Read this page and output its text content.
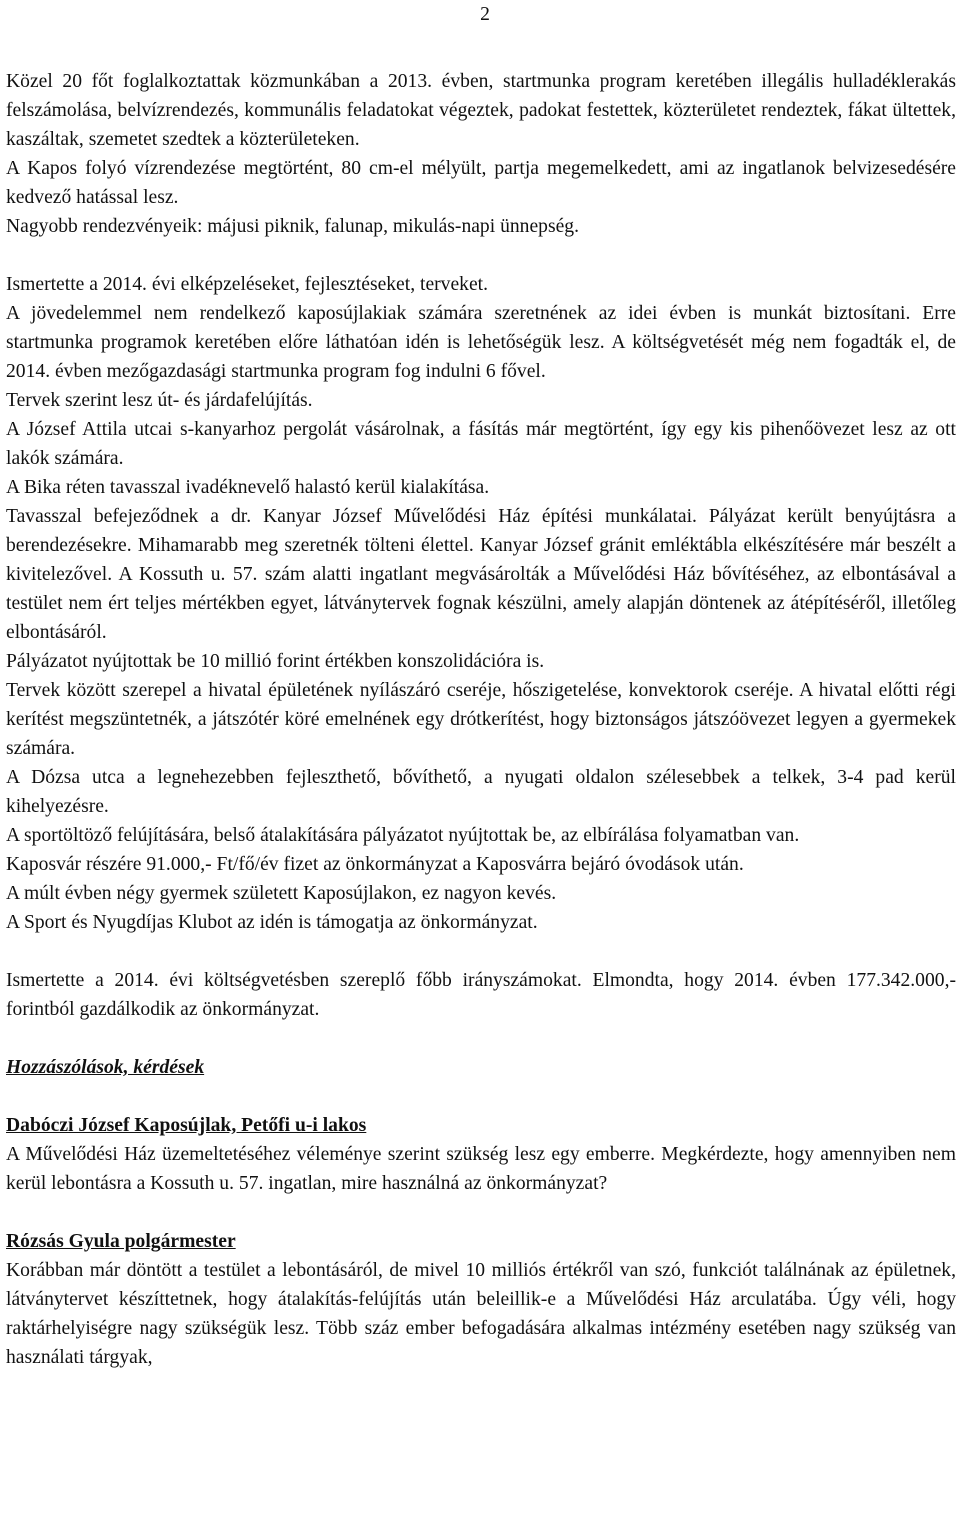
2

Közel 20 főt foglalkoztattak közmunkában a 2013. évben, startmunka program keretében illegális hulladéklerakás felszámolása, belvízrendezés, kommunális feladatokat végeztek, padokat festettek, közterületet rendeztek, fákat ültettek, kaszáltak, szemetet szedtek a közterületeken.

A Kapos folyó vízrendezése megtörtént, 80 cm-el mélyült, partja megemelkedett, ami az ingatlanok belvizesedésére kedvező hatással lesz.

Nagyobb rendezvényeik: májusi piknik, falunap, mikulás-napi ünnepség.

Ismertette a 2014. évi elképzeléseket, fejlesztéseket, terveket.

A jövedelemmel nem rendelkező kaposújlakiak számára szeretnének az idei évben is munkát biztosítani. Erre startmunka programok keretében előre láthatóan idén is lehetőségük lesz. A költségvetését még nem fogadták el, de 2014. évben mezőgazdasági startmunka program fog indulni 6 fővel.

Tervek szerint lesz út- és járdafelújítás.

A József Attila utcai s-kanyarhoz pergolát vásárolnak, a fásítás már megtörtént, így egy kis pihenőövezet lesz az ott lakók számára.

A Bika réten tavasszal ivadéknevelő halastó kerül kialakítása.

Tavasszal befejeződnek a dr. Kanyar József Művelődési Ház építési munkálatai. Pályázat került benyújtásra a berendezésekre. Mihamarabb meg szeretnék tölteni élettel. Kanyar József gránit emléktábla elkészítésére már beszélt a kivitelezővel. A Kossuth u. 57. szám alatti ingatlant megvásárolták a Művelődési Ház bővítéséhez, az elbontásával a testület nem ért teljes mértékben egyet, látványtervek fognak készülni, amely alapján döntenek az átépítéséről, illetőleg elbontásáról.

Pályázatot nyújtottak be 10 millió forint értékben konszolidációra is.

Tervek között szerepel a hivatal épületének nyílászáró cseréje, hőszigetelése, konvektorok cseréje. A hivatal előtti régi kerítést megszüntetnék, a játszótér köré emelnének egy drótkerítést, hogy biztonságos játszóövezet legyen a gyermekek számára.

A Dózsa utca a legnehezebben fejleszthető, bővíthető, a nyugati oldalon szélesebbek a telkek, 3-4 pad kerül kihelyezésre.

A sportöltöző felújítására, belső átalakítására pályázatot nyújtottak be, az elbírálása folyamatban van.

Kaposvár részére 91.000,- Ft/fő/év fizet az önkormányzat a Kaposvárra bejáró óvodások után.

A múlt évben négy gyermek született Kaposújlakon, ez nagyon kevés.

A Sport és Nyugdíjas Klubot az idén is támogatja az önkormányzat.

Ismertette a 2014. évi költségvetésben szereplő főbb irányszámokat. Elmondta, hogy 2014. évben 177.342.000,- forintból gazdálkodik az önkormányzat.

Hozzászólások, kérdések

Dabóczi József Kaposújlak, Petőfi u-i lakos

A Művelődési Ház üzemeltetéséhez véleménye szerint szükség lesz egy emberre. Megkérdezte, hogy amennyiben nem kerül lebontásra a Kossuth u. 57. ingatlan, mire használná az önkormányzat?

Rózsás Gyula polgármester

Korábban már döntött a testület a lebontásáról, de mivel 10 milliós értékről van szó, funkciót találnának az épületnek, látványtervet készíttetnek, hogy átalakítás-felújítás után beleillik-e a Művelődési Ház arculatába. Úgy véli, hogy raktárhelyiségre nagy szükségük lesz. Több száz ember befogadására alkalmas intézmény esetében nagy szükség van használati tárgyak,
